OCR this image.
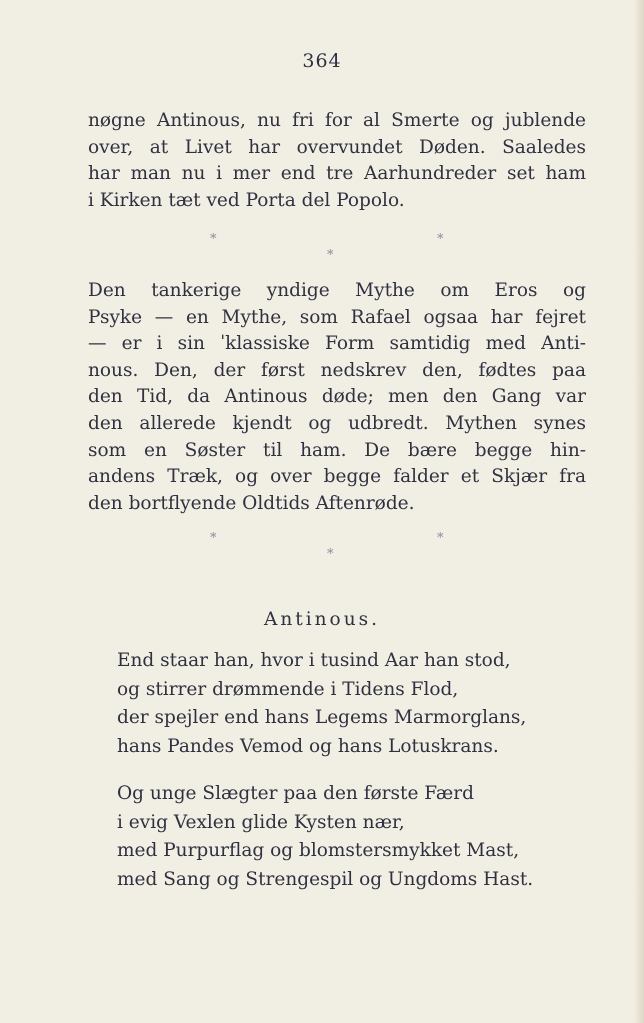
364
nøgne Antinous, nu fri for al Smerte og jublende
over, at Livet har overvundet Døden. Saaledes
har man nu i mer end tre Aarhundreder set ham
i Kirken tæt ved Porta del Popolo.
*	*
*
Den tankerige yndige Mythe om Eros og
Psyke — en Mythe, som Rafael ogsaa har fejret
— er i sin ˈklassiske Form samtidig med Anti-
nous. Den, der først nedskrev den, fødtes paa
den Tid, da Antinous døde; men den Gang var
den allerede kjendt og udbredt. Mythen synes
som en Søster til ham. De bære begge hin-
andens Træk, og over begge falder et Skjær fra
den bortflyende Oldtids Aftenrøde.
*	*
*
Antinous.
End staar han, hvor i tusind Aar han stod,
og stirrer drømmende i Tidens Flod,
der spejler end hans Legems Marmorglans,
hans Pandes Vemod og hans Lotuskrans.
Og unge Slægter paa den første Færd
i evig Vexlen glide Kysten nær,
med Purpurflag og blomstersmykket Mast,
med Sang og Strengespil og Ungdoms Hast.
